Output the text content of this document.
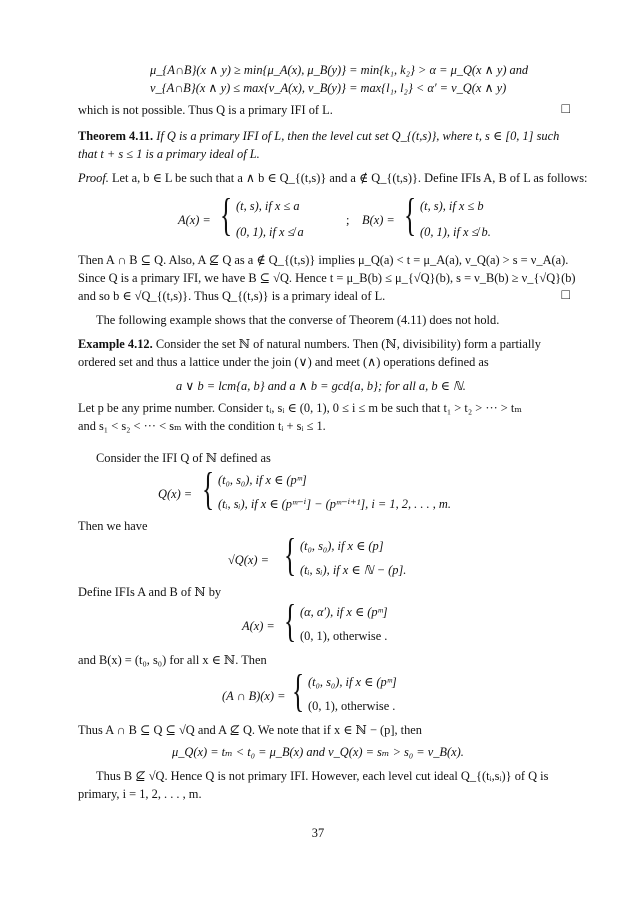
μ_{A∩B}(x ∧ y) ≥ min{μ_A(x), μ_B(y)} = min{k₁, k₂} > α = μ_Q(x ∧ y) and
ν_{A∩B}(x ∧ y) ≤ max{ν_A(x), ν_B(y)} = max{l₁, l₂} < α′ = ν_Q(x ∧ y)
which is not possible. Thus Q is a primary IFI of L.	□
Theorem 4.11. If Q is a primary IFI of L, then the level cut set Q_{(t,s)}, where t, s ∈ [0, 1] such
that t + s ≤ 1 is a primary ideal of L.
Proof. Let a, b ∈ L be such that a ∧ b ∈ Q_{(t,s)} and a ∉ Q_{(t,s)}. Define IFIs A, B of L as follows:
A(x) = { (t, s), if x ≤ a
(0, 1), if x ≰ a
; B(x) = { (t, s), if x ≤ b
(0, 1), if x ≰ b.
Then A ∩ B ⊆ Q. Also, A ⊈ Q as a ∉ Q_{(t,s)} implies μ_Q(a) < t = μ_A(a), ν_Q(a) > s = ν_A(a).
Since Q is a primary IFI, we have B ⊆ √Q. Hence t = μ_B(b) ≤ μ_{√Q}(b), s = ν_B(b) ≥ ν_{√Q}(b)
and so b ∈ √Q_{(t,s)}. Thus Q_{(t,s)} is a primary ideal of L.	□
The following example shows that the converse of Theorem (4.11) does not hold.
Example 4.12. Consider the set ℕ of natural numbers. Then (ℕ, divisibility) form a partially
ordered set and thus a lattice under the join (∨) and meet (∧) operations defined as
a ∨ b = lcm{a, b} and a ∧ b = gcd{a, b}; for all a, b ∈ ℕ.
Let p be any prime number. Consider tᵢ, sᵢ ∈ (0, 1), 0 ≤ i ≤ m be such that t₁ > t₂ > ··· > tₘ
and s₁ < s₂ < ··· < sₘ with the condition tᵢ + sᵢ ≤ 1.
Consider the IFI Q of ℕ defined as
Q(x) = { (t₀, s₀), if x ∈ (pᵐ]
(tᵢ, sᵢ), if x ∈ (pᵐ⁻ⁱ] − (pᵐ⁻ⁱ⁺¹], i = 1, 2, . . . , m.
Then we have
√Q(x) = { (t₀, s₀), if x ∈ (p]
(tᵢ, sᵢ), if x ∈ ℕ − (p].
Define IFIs A and B of ℕ by
A(x) = { (α, α′), if x ∈ (pᵐ]
(0, 1), otherwise .
and B(x) = (t₀, s₀) for all x ∈ ℕ. Then
(A ∩ B)(x) = { (t₀, s₀), if x ∈ (pᵐ]
(0, 1), otherwise .
Thus A ∩ B ⊆ Q ⊆ √Q and A ⊈ Q. We note that if x ∈ ℕ − (p], then
μ_Q(x) = tₘ < t₀ = μ_B(x) and ν_Q(x) = sₘ > s₀ = ν_B(x).
Thus B ⊈ √Q. Hence Q is not primary IFI. However, each level cut ideal Q_{(tᵢ,sᵢ)} of Q is
primary, i = 1, 2, . . . , m.
37
